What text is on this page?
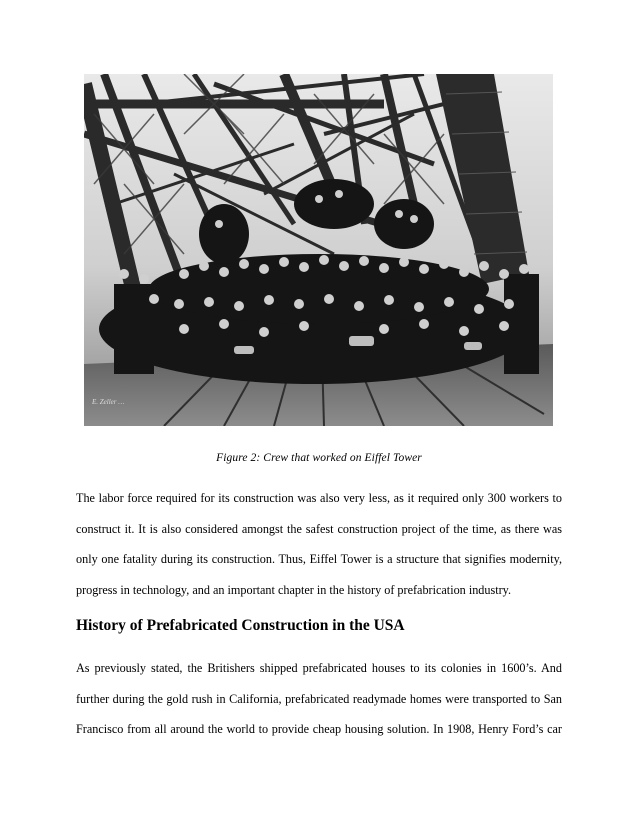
E. Zeller …
Figure 2: Crew that worked on Eiffel Tower
The labor force required for its construction was also very less, as it required only 300 workers to
construct it. It is also considered amongst the safest construction project of the time, as there was
only one fatality during its construction. Thus, Eiffel Tower is a structure that signifies modernity,
progress in technology, and an important chapter in the history of prefabrication industry.
History of Prefabricated Construction in the USA
As previously stated, the Britishers shipped prefabricated houses to its colonies in 1600’s. And
further during the gold rush in California, prefabricated readymade homes were transported to San
Francisco from all around the world to provide cheap housing solution. In 1908, Henry Ford’s car
